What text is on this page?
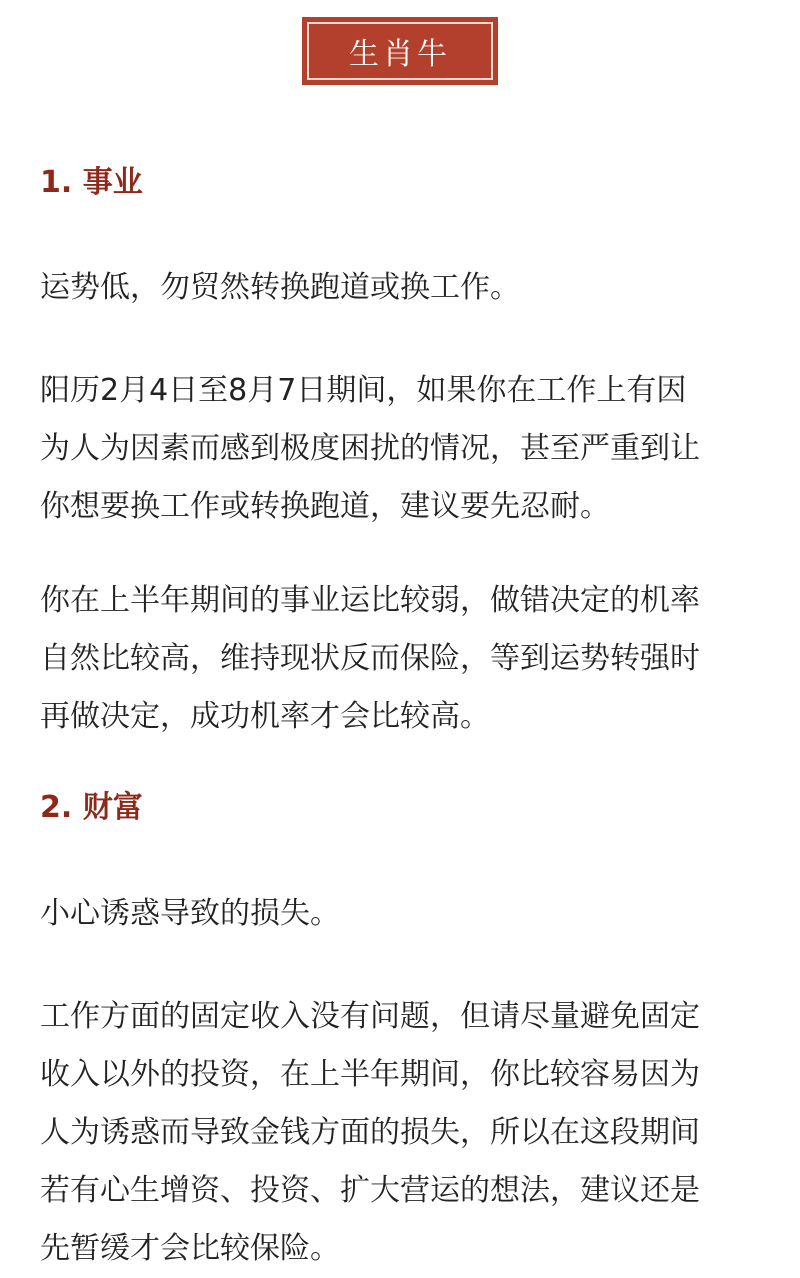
生肖牛
1. 事业

运势低，勿贸然转换跑道或换工作。

阳历2月4日至8月7日期间，如果你在工作上有因
为人为因素而感到极度困扰的情况，甚至严重到让
你想要换工作或转换跑道，建议要先忍耐。

你在上半年期间的事业运比较弱，做错决定的机率
自然比较高，维持现状反而保险，等到运势转强时
再做决定，成功机率才会比较高。

2. 财富

小心诱惑导致的损失。

工作方面的固定收入没有问题，但请尽量避免固定
收入以外的投资，在上半年期间，你比较容易因为
人为诱惑而导致金钱方面的损失，所以在这段期间
若有心生增资、投资、扩大营运的想法，建议还是
先暂缓才会比较保险。
